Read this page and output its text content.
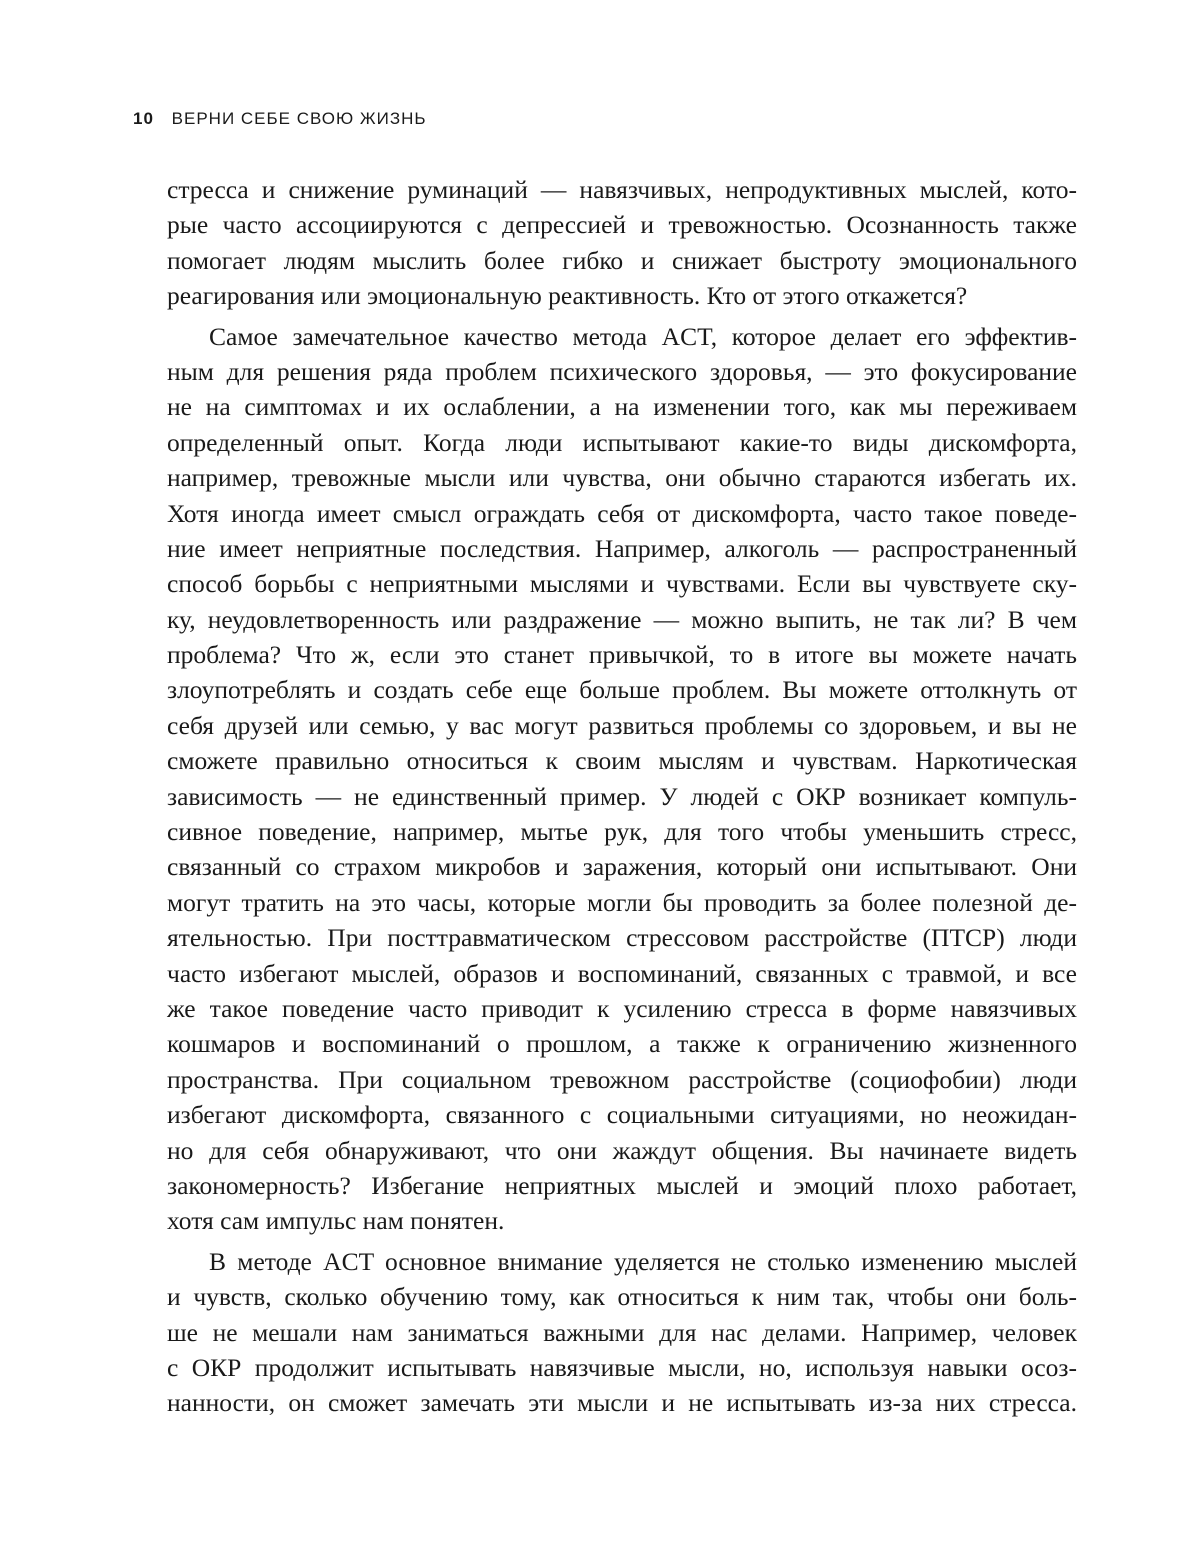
10 ВЕРНИ СЕБЕ СВОЮ ЖИЗНЬ
стресса и снижение руминаций — навязчивых, непродуктивных мыслей, кото-
рые часто ассоциируются с депрессией и тревожностью. Осознанность также
помогает людям мыслить более гибко и снижает быстроту эмоционального
реагирования или эмоциональную реактивность. Кто от этого откажется?
Самое замечательное качество метода ACT, которое делает его эффектив-
ным для решения ряда проблем психического здоровья, — это фокусирование
не на симптомах и их ослаблении, а на изменении того, как мы переживаем
определенный опыт. Когда люди испытывают какие-то виды дискомфорта,
например, тревожные мысли или чувства, они обычно стараются избегать их.
Хотя иногда имеет смысл ограждать себя от дискомфорта, часто такое поведе-
ние имеет неприятные последствия. Например, алкоголь — распространенный
способ борьбы с неприятными мыслями и чувствами. Если вы чувствуете ску-
ку, неудовлетворенность или раздражение — можно выпить, не так ли? В чем
проблема? Что ж, если это станет привычкой, то в итоге вы можете начать
злоупотреблять и создать себе еще больше проблем. Вы можете оттолкнуть от
себя друзей или семью, у вас могут развиться проблемы со здоровьем, и вы не
сможете правильно относиться к своим мыслям и чувствам. Наркотическая
зависимость — не единственный пример. У людей с ОКР возникает компуль-
сивное поведение, например, мытье рук, для того чтобы уменьшить стресс,
связанный со страхом микробов и заражения, который они испытывают. Они
могут тратить на это часы, которые могли бы проводить за более полезной де-
ятельностью. При посттравматическом стрессовом расстройстве (ПТСР) люди
часто избегают мыслей, образов и воспоминаний, связанных с травмой, и все
же такое поведение часто приводит к усилению стресса в форме навязчивых
кошмаров и воспоминаний о прошлом, а также к ограничению жизненного
пространства. При социальном тревожном расстройстве (социофобии) люди
избегают дискомфорта, связанного с социальными ситуациями, но неожидан-
но для себя обнаруживают, что они жаждут общения. Вы начинаете видеть
закономерность? Избегание неприятных мыслей и эмоций плохо работает,
хотя сам импульс нам понятен.
В методе ACT основное внимание уделяется не столько изменению мыслей
и чувств, сколько обучению тому, как относиться к ним так, чтобы они боль-
ше не мешали нам заниматься важными для нас делами. Например, человек
с ОКР продолжит испытывать навязчивые мысли, но, используя навыки осоз-
нанности, он сможет замечать эти мысли и не испытывать из-за них стресса.
